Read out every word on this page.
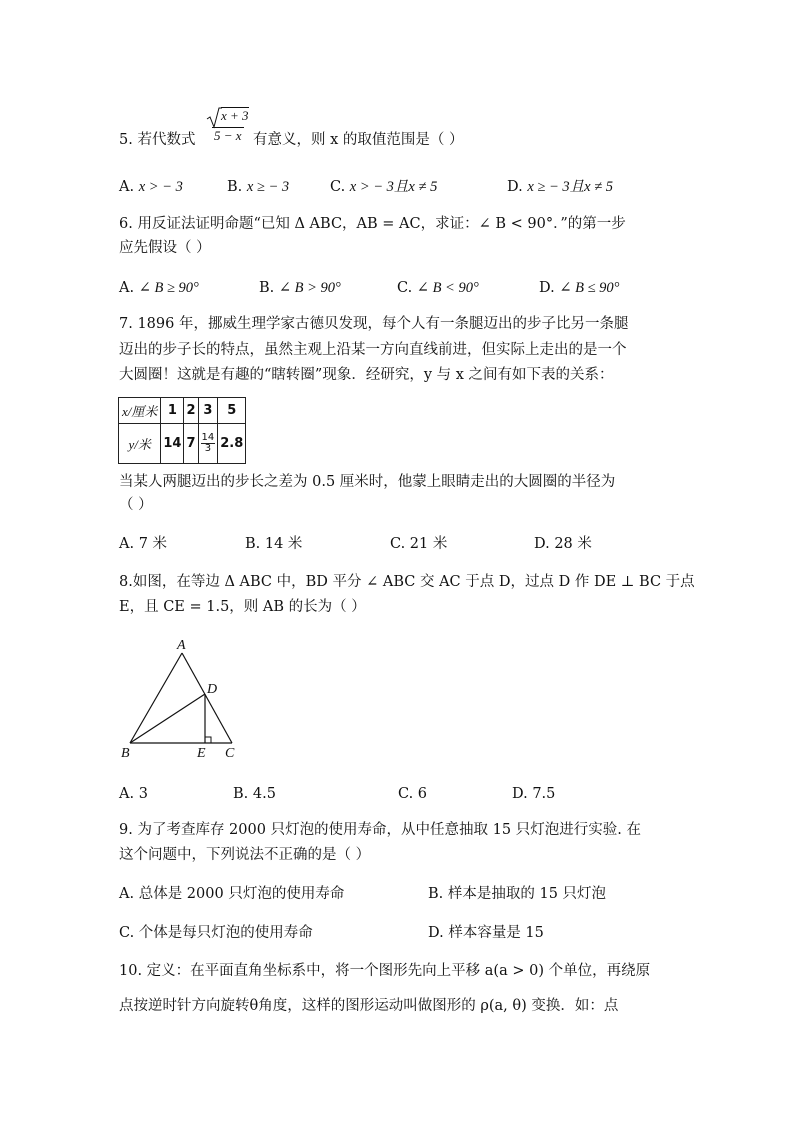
x + 3
5. 若代数式 5 − x 有意义，则 x 的取值范围是（ ）
A. x > − 3	B. x ≥ − 3	C. x > − 3且x ≠ 5	D. x ≥ − 3且x ≠ 5
6. 用反证法证明命题“已知 Δ ABC，AB = AC，求证：∠ B < 90°．”的第一步
应先假设（ ）
A. ∠ B ≥ 90°	B. ∠ B > 90°	C. ∠ B < 90°	D. ∠ B ≤ 90°
7. 1896 年，挪威生理学家古德贝发现，每个人有一条腿迈出的步子比另一条腿
迈出的步子长的特点，虽然主观上沿某一方向直线前进，但实际上走出的是一个
大圆圈！这就是有趣的“瞎转圈”现象．经研究，y 与 x 之间有如下表的关系：
x/厘米	1	2	3	5
y/米	14	7	$\frac{14}{3}$	2.8
当某人两腿迈出的步长之差为 0.5 厘米时，他蒙上眼睛走出的大圆圈的半径为
（ ）
A. 7 米	B. 14 米	C. 21 米	D. 28 米
8.如图，在等边 Δ ABC 中，BD 平分 ∠ ABC 交 AC 于点 D，过点 D 作 DE ⊥ BC 于点
E，且 CE = 1.5，则 AB 的长为（ ）
A
D
B	E C
A. 3	B. 4.5	C. 6	D. 7.5
9. 为了考查库存 2000 只灯泡的使用寿命，从中任意抽取 15 只灯泡进行实验. 在
这个问题中，下列说法不正确的是（ ）
A. 总体是 2000 只灯泡的使用寿命	B. 样本是抽取的 15 只灯泡
C. 个体是每只灯泡的使用寿命	D. 样本容量是 15
10. 定义：在平面直角坐标系中，将一个图形先向上平移 a(a > 0) 个单位，再绕原
点按逆时针方向旋转θ角度，这样的图形运动叫做图形的 ρ(a, θ) 变换．如：点
